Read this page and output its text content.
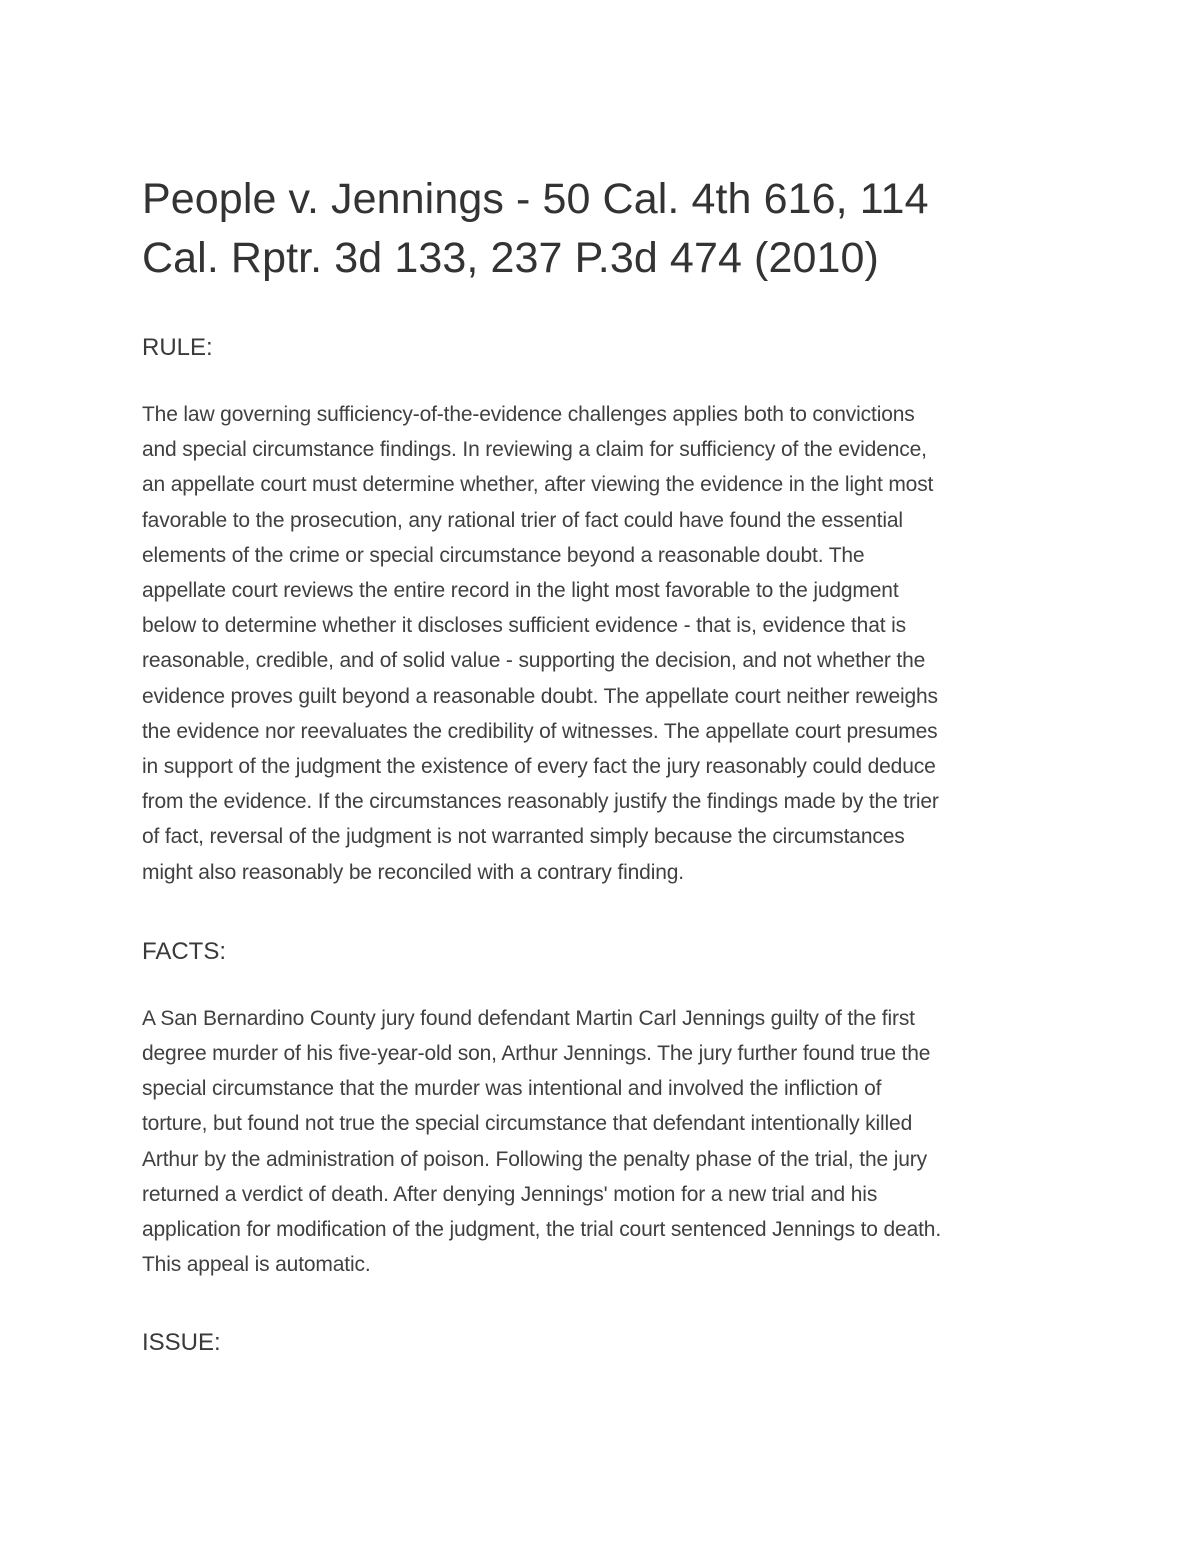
People v. Jennings - 50 Cal. 4th 616, 114
Cal. Rptr. 3d 133, 237 P.3d 474 (2010)
RULE:

The law governing sufficiency-of-the-evidence challenges applies both to convictions
and special circumstance findings. In reviewing a claim for sufficiency of the evidence,
an appellate court must determine whether, after viewing the evidence in the light most
favorable to the prosecution, any rational trier of fact could have found the essential
elements of the crime or special circumstance beyond a reasonable doubt. The
appellate court reviews the entire record in the light most favorable to the judgment
below to determine whether it discloses sufficient evidence - that is, evidence that is
reasonable, credible, and of solid value - supporting the decision, and not whether the
evidence proves guilt beyond a reasonable doubt. The appellate court neither reweighs
the evidence nor reevaluates the credibility of witnesses. The appellate court presumes
in support of the judgment the existence of every fact the jury reasonably could deduce
from the evidence. If the circumstances reasonably justify the findings made by the trier
of fact, reversal of the judgment is not warranted simply because the circumstances
might also reasonably be reconciled with a contrary finding.

FACTS:

A San Bernardino County jury found defendant Martin Carl Jennings guilty of the first
degree murder of his five-year-old son, Arthur Jennings. The jury further found true the
special circumstance that the murder was intentional and involved the infliction of
torture, but found not true the special circumstance that defendant intentionally killed
Arthur by the administration of poison. Following the penalty phase of the trial, the jury
returned a verdict of death. After denying Jennings' motion for a new trial and his
application for modification of the judgment, the trial court sentenced Jennings to death.
This appeal is automatic.

ISSUE:
